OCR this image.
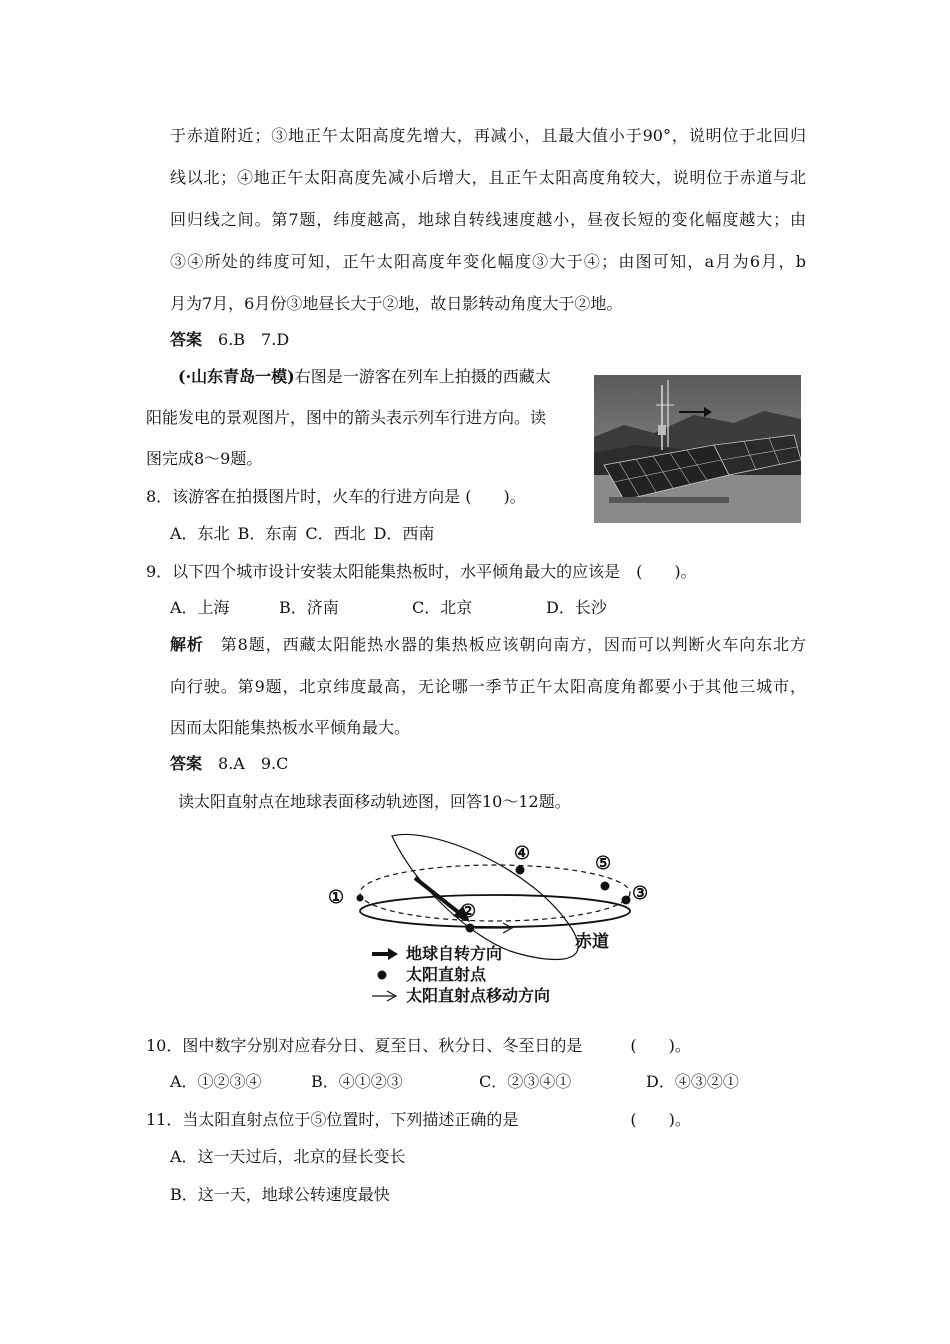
于赤道附近；③地正午太阳高度先增大，再减小，且最大值小于90°，说明位于北回归
线以北；④地正午太阳高度先减小后增大，且正午太阳高度角较大，说明位于赤道与北
回归线之间。第7题，纬度越高，地球自转线速度越小，昼夜长短的变化幅度越大；由
③④所处的纬度可知，正午太阳高度年变化幅度③大于④；由图可知，a月为6月，b
月为7月，6月份③地昼长大于②地，故日影转动角度大于②地。
答案　 6.B　7.D
(·山东青岛一模)右图是一游客在列车上拍摄的西藏太
阳能发电的景观图片，图中的箭头表示列车行进方向。读
图完成8～9题。
8．该游客在拍摄图片时，火车的行进方向是 (　　)。
A．东北  B．东南  C．西北  D．西南
9．以下四个城市设计安装太阳能集热板时，水平倾角最大的应该是　(　　)。
A．上海	B．济南	C．北京	D．长沙
解析　 第8题，西藏太阳能热水器的集热板应该朝向南方，因而可以判断火车向东北方
向行驶。第9题，北京纬度最高，无论哪一季节正午太阳高度角都要小于其他三城市，
因而太阳能集热板水平倾角最大。
答案　 8.A　9.C
读太阳直射点在地球表面移动轨迹图，回答10～12题。
①
②
③
④	⑤
赤道
地球自转方向
太阳直射点
太阳直射点移动方向
10．图中数字分别对应春分日、夏至日、秋分日、冬至日的是　　　(　　)。
A．①②③④	B．④①②③	C．②③④①	D．④③②①
11．当太阳直射点位于⑤位置时，下列描述正确的是　　　　　　　(　　)。
A．这一天过后，北京的昼长变长
B．这一天，地球公转速度最快
